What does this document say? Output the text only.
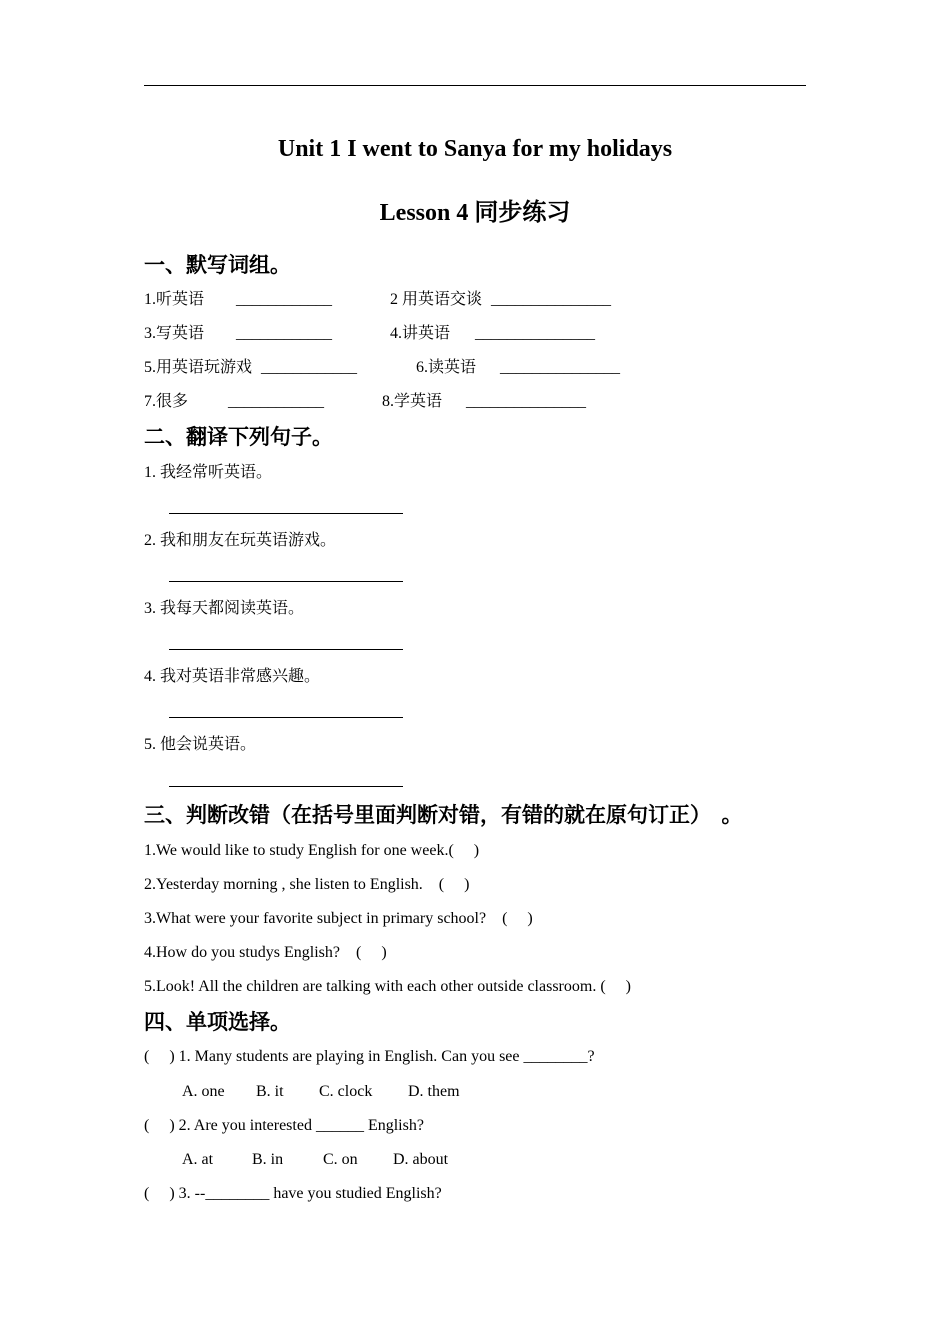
Unit 1 I went to Sanya for my holidays
Lesson 4 同步练习
一、默写词组。
1.听英语 ____________	2 用英语交谈 _______________
3.写英语 ____________	4.讲英语 _______________
5.用英语玩游戏 ____________	6.读英语 _______________
7.很多 ____________	8.学英语 _______________
二、翻译下列句子。
1. 我经常听英语。
2. 我和朋友在玩英语游戏。
3. 我每天都阅读英语。
4. 我对英语非常感兴趣。
5. 他会说英语。
三、判断改错（在括号里面判断对错，有错的就在原句订正）　。
1.We would like to study English for one week.(　 )
2.Yesterday morning , she listen to English.　(　 )
3.What were your favorite subject in primary school?　(　 )
4.How do you studys English?　(　 )
5.Look! All the children are talking with each other outside classroom. (　 )
四、单项选择。
(　 ) 1. Many students are playing in English. Can you see ________?
A. one B. it C. clock D. them
(　 ) 2. Are you interested ______ English?
A. at B. in C. on D. about
(　 ) 3. --________ have you studied English?
